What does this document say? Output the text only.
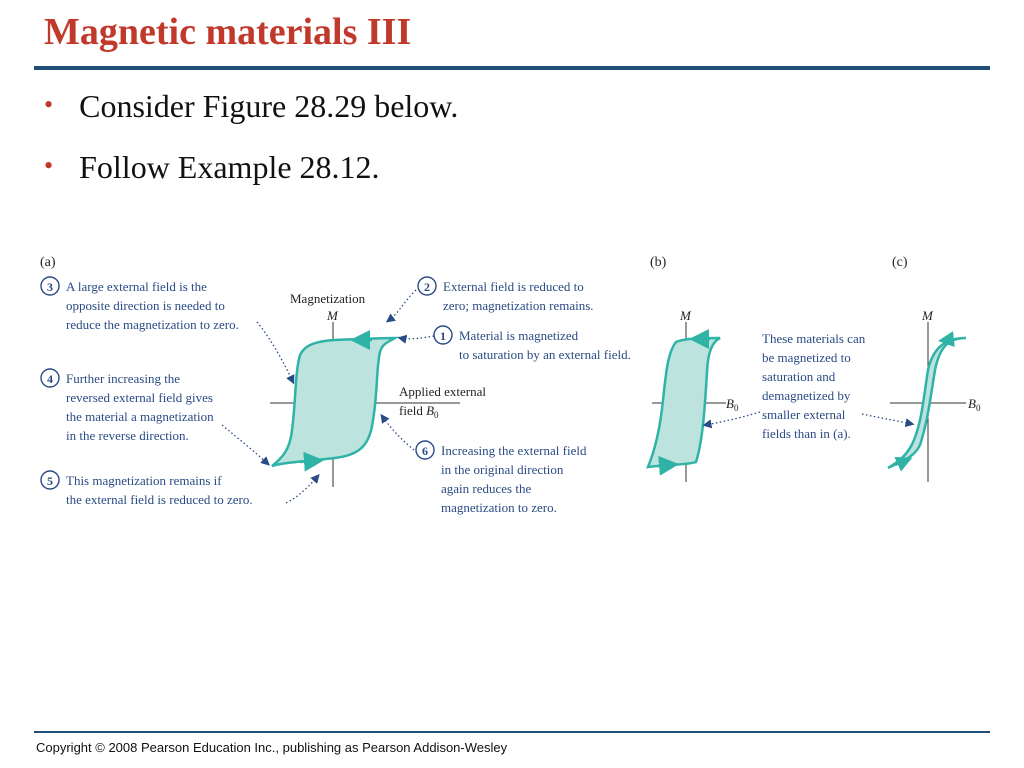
Magnetic materials III
• Consider Figure 28.29 below.
• Follow Example 28.12.
(a)	(b)	(c)
Magnetization
M
Applied external
field $B_0$
3 A large external field is the
opposite direction is needed to
reduce the magnetization to zero.
4 Further increasing the
reversed external field gives
the material a magnetization
in the reverse direction.
5 This magnetization remains if
the external field is reduced to zero.
2 External field is reduced to
zero; magnetization remains.
1 Material is magnetized
to saturation by an external field.
6 Increasing the external field
in the original direction
again reduces the
magnetization to zero.
M
$B_0$
M
$B_0$
These materials can
be magnetized to
saturation and
demagnetized by
smaller external
fields than in (a).
Copyright © 2008 Pearson Education Inc., publishing as Pearson Addison-Wesley
